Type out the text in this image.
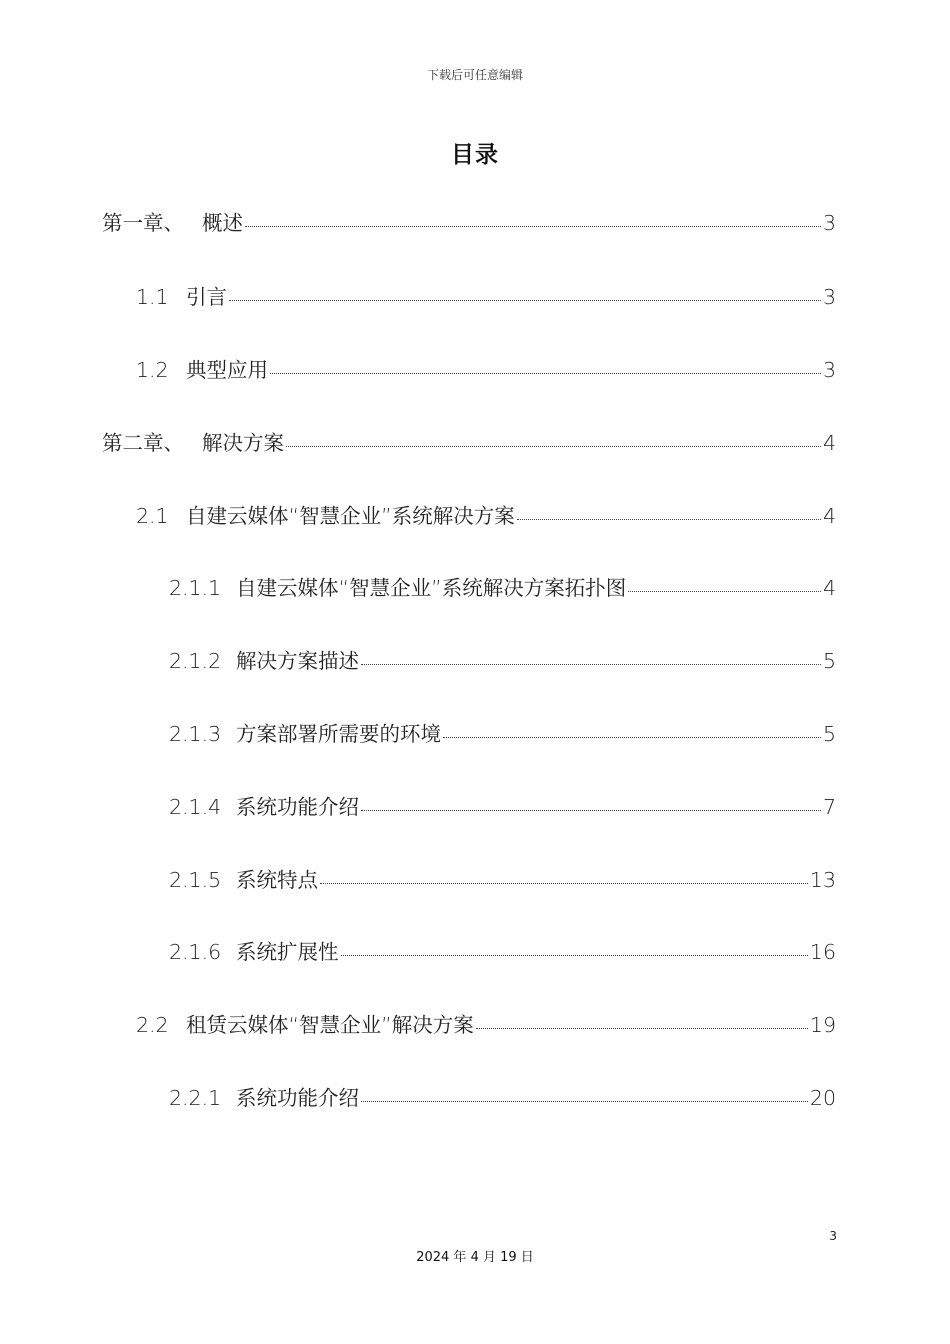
下载后可任意编辑
目录
第一章、 概述	3
1.1 引言	3
1.2 典型应用	3
第二章、 解决方案	4
2.1 自建云媒体“智慧企业”系统解决方案	4
2.1.1 自建云媒体“智慧企业”系统解决方案拓扑图	4
2.1.2 解决方案描述	5
2.1.3 方案部署所需要的环境	5
2.1.4 系统功能介绍	7
2.1.5 系统特点	13
2.1.6 系统扩展性	16
2.2 租赁云媒体“智慧企业”解决方案	19
2.2.1 系统功能介绍	20
3
2024 年 4 月 19 日
